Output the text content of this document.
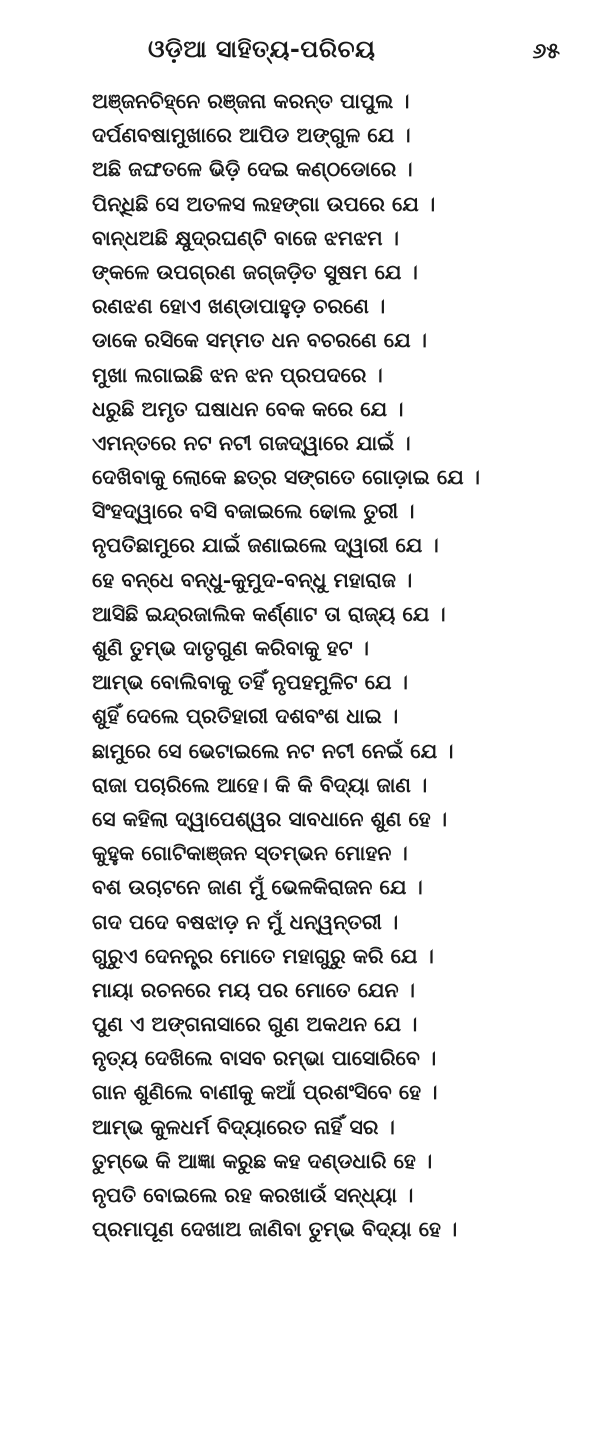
ଓଡ଼ିଆ ସାହିତ୍ୟ-ପରିଚୟ	୬୫
ଅଞ୍ଜନଚିହ୍ନେ ରଞ୍ଜନା କରନ୍ତ ପାପୁଲ ।
ଦର୍ପଣବଷାମୁଖାରେ ଆପିଡ ଅଙ୍ଗୁଳ ଯେ ।
ଅଛି ଜଙ୍ଘତଳେ ଭିଡ଼ି ଦେଇ କଣ୍ଠଡୋରେ ।
ପିନ୍ଧିଛି ସେ ଅତଳସ ଲହଙ୍ଗା ଉପରେ ଯେ ।
ବାନ୍ଧଅଛି କ୍ଷୁଦ୍ରଘଣ୍ଟି ବାଜେ ଝମଝମ ।
ଙ୍କଳେ ଉପଗ୍ରଣ ଜଗ୍ଜଡ଼ିତ ସୁଷମ ଯେ ।
ରଣଝଣ ହୋଏ ଖଣ୍ଡାପାହୁଡ଼ ଚରଣେ ।
ଡାକେ ରସିକେ ସମ୍ମତ ଧନ ବଚରଣେ ଯେ ।
ମୁଖା ଲଗାଇଛି ଝନ ଝନ ପ୍ରପଦରେ ।
ଧରୁଛି ଅମୃତ ଘଷାଧନ ବେକ କରେ ଯେ ।
ଏମନ୍ତରେ ନଟ ନଟୀ ଗଜଦ୍ୱାରେ ଯାଇଁ ।
ଦେଖିବାକୁ ଲୋକେ ଛତ୍ର ସଙ୍ଗତେ ଗୋଡ଼ାଇ ଯେ ।
ସିଂହଦ୍ୱାରେ ବସି ବଜାଇଲେ ଢୋଲ ତୁରୀ ।
ନୃପତିଛାମୁରେ ଯାଇଁ ଜଣାଇଲେ ଦ୍ୱାରୀ ଯେ ।
ହେ ବନ୍ଧେ ବନ୍ଧୁ-କୁମୁଦ-ବନ୍ଧୁ ମହାରାଜ ।
ଆସିଛି ଇନ୍ଦ୍ରଜାଲିକ କର୍ଣ୍ଣାଟ ତା ରାଜ୍ୟ ଯେ ।
ଶୁଣି ତୁମ୍ଭ ଦାତୃଗୁଣ କରିବାକୁ ହଟ ।
ଆମ୍ଭ ବୋଲିବାକୁ ତହିଁ ନୃପହମୁଳିଟ ଯେ ।
ଶୁହିଁ ଦେଲେ ପ୍ରତିହାରୀ ଦଶବଂଶ ଧାଇ ।
ଛାମୁରେ ସେ ଭେଟାଇଲେ ନଟ ନଟୀ ନେଇଁ ଯେ ।
ରାଜା ପଚାରିଲେ ଆହେ। କି କି ବିଦ୍ୟା ଜାଣ ।
ସେ କହିଲା ଦ୍ୱାପେଶ୍ୱର ସାବଧାନେ ଶୁଣ ହେ ।
କୁହୁକ ଗୋଟିକାଞ୍ଜନ ସ୍ତମ୍ଭନ ମୋହନ ।
ବଶ ଉଚାଟନେ ଜାଣ ମୁଁ ଭେଳକିରାଜନ ଯେ ।
ଗଦ ପଦେ ବଷଝାଡ଼ ନ ମୁଁ ଧନ୍ୱନ୍ତରୀ ।
ଗୁରୁଏ ଦେନନ୍ତ୍ର ମୋତେ ମହାଗୁରୁ କରି ଯେ ।
ମାୟା ରଚନରେ ମୟ ପର ମୋତେ ଯେନ ।
ପୁଣ ଏ ଅଙ୍ଗନାସାରେ ଗୁଣ ଅକଥନ ଯେ ।
ନୃତ୍ୟ ଦେଖିଲେ ବାସବ ରମ୍ଭା ପାସୋରିବେ ।
ଗାନ ଶୁଣିଲେ ବାଣୀକୁ କଆଁ ପ୍ରଶଂସିବେ ହେ ।
ଆମ୍ଭ କୁଳଧର୍ମ ବିଦ୍ୟାରେତ ନାହିଁ ସର ।
ତୁମ୍ଭେ କି ଆଜ୍ଞା କରୁଛ କହ ଦଣ୍ଡଧାରି ହେ ।
ନୃପତି ବୋଇଲେ ରହ କରଖାଉଁ ସନ୍ଧ୍ୟା ।
ପ୍ରମାପୂଣ ଦେଖାଅ ଜାଣିବା ତୁମ୍ଭ ବିଦ୍ୟା ହେ ।
